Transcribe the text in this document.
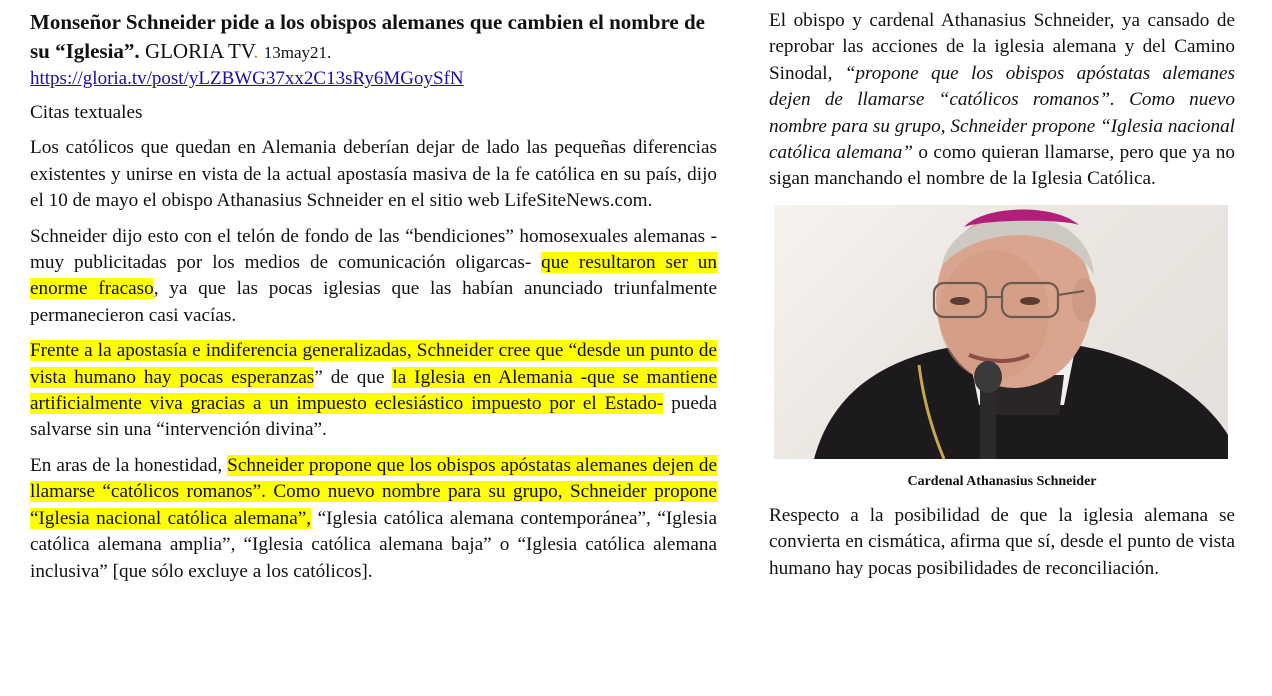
Monseñor Schneider pide a los obispos alemanes que cambien el nombre de su “Iglesia”. GLORIA TV. 13may21.
https://gloria.tv/post/yLZBWG37xx2C13sRy6MGoySfN

Citas textuales

Los católicos que quedan en Alemania deberían dejar de lado las pequeñas diferencias existentes y unirse en vista de la actual apostasía masiva de la fe católica en su país, dijo el 10 de mayo el obispo Athanasius Schneider en el sitio web LifeSiteNews.com.

Schneider dijo esto con el telón de fondo de las “bendiciones” homosexuales alemanas -muy publicitadas por los medios de comunicación oligarcas- que resultaron ser un enorme fracaso, ya que las pocas iglesias que las habían anunciado triunfalmente permanecieron casi vacías.

Frente a la apostasía e indiferencia generalizadas, Schneider cree que “desde un punto de vista humano hay pocas esperanzas” de que la Iglesia en Alemania -que se mantiene artificialmente viva gracias a un impuesto eclesiástico impuesto por el Estado- pueda salvarse sin una “intervención divina”.

En aras de la honestidad, Schneider propone que los obispos apóstatas alemanes dejen de llamarse “católicos romanos”. Como nuevo nombre para su grupo, Schneider propone “Iglesia nacional católica alemana”, “Iglesia católica alemana contemporánea”, “Iglesia católica alemana amplia”, “Iglesia católica alemana baja” o “Iglesia católica alemana inclusiva” [que sólo excluye a los católicos].

El obispo y cardenal Athanasius Schneider, ya cansado de reprobar las acciones de la iglesia alemana y del Camino Sinodal, “propone que los obispos apóstatas alemanes dejen de llamarse “católicos romanos”. Como nuevo nombre para su grupo, Schneider propone “Iglesia nacional católica alemana” o como quieran llamarse, pero que ya no sigan manchando el nombre de la Iglesia Católica.

Cardenal Athanasius Schneider

Respecto a la posibilidad de que la iglesia alemana se convierta en cismática, afirma que sí, desde el punto de vista humano hay pocas posibilidades de reconciliación.
